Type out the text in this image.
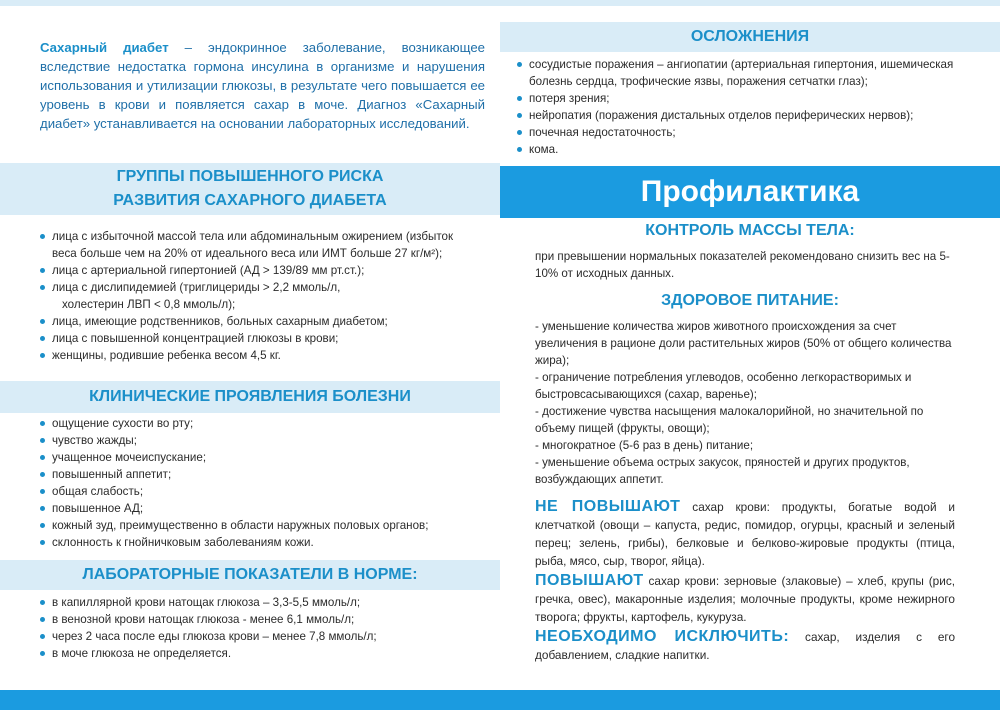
Сахарный диабет – эндокринное заболевание, возникающее вследствие недостатка гормона инсулина в организме и нарушения использования и утилизации глюкозы, в результате чего повышается ее уровень в крови и появляется сахар в моче. Диагноз «Сахарный диабет» устанавливается на основании лабораторных исследований.
ГРУППЫ ПОВЫШЕННОГО РИСКА РАЗВИТИЯ САХАРНОГО ДИАБЕТА
лица с избыточной массой тела или абдоминальным ожирением (избыток веса больше чем на 20% от идеального веса или ИМТ больше 27 кг/м²);
лица с артериальной гипертонией (АД > 139/89 мм рт.ст.);
лица с дислипидемией (триглицериды > 2,2 ммоль/л,
холестерин ЛВП < 0,8 ммоль/л);
лица, имеющие родственников, больных сахарным диабетом;
лица с повышенной концентрацией глюкозы в крови;
женщины, родившие ребенка весом 4,5 кг.
КЛИНИЧЕСКИЕ ПРОЯВЛЕНИЯ БОЛЕЗНИ
ощущение сухости во рту;
чувство жажды;
учащенное мочеиспускание;
повышенный аппетит;
общая слабость;
повышенное АД;
кожный зуд, преимущественно в области наружных половых органов;
склонность к гнойничковым заболеваниям кожи.
ЛАБОРАТОРНЫЕ ПОКАЗАТЕЛИ В НОРМЕ:
в капиллярной крови натощак глюкоза – 3,3-5,5 ммоль/л;
в венозной крови натощак глюкоза - менее 6,1 ммоль/л;
через 2 часа после еды глюкоза крови – менее 7,8 ммоль/л;
в моче глюкоза не определяется.
ОСЛОЖНЕНИЯ
сосудистые поражения – ангиопатии (артериальная гипертония, ишемическая болезнь сердца, трофические язвы, поражения сетчатки глаз);
потеря зрения;
нейропатия (поражения дистальных отделов периферических нервов);
почечная недостаточность;
кома.
Профилактика
КОНТРОЛЬ МАССЫ ТЕЛА:
при превышении нормальных показателей рекомендовано снизить вес на 5-10% от исходных данных.
ЗДОРОВОЕ ПИТАНИЕ:
- уменьшение количества жиров животного происхождения за счет увеличения в рационе доли растительных жиров (50% от общего количества жира);
- ограничение потребления углеводов, особенно легкорастворимых и быстровсасывающихся (сахар, варенье);
- достижение чувства насыщения малокалорийной, но значительной по объему пищей (фрукты, овощи);
- многократное (5-6 раз в день) питание;
- уменьшение объема острых закусок, пряностей и других продуктов, возбуждающих аппетит.
НЕ ПОВЫШАЮТ сахар крови: продукты, богатые водой и клетчаткой (овощи – капуста, редис, помидор, огурцы, красный и зеленый перец; зелень, грибы), белковые и белково-жировые продукты (птица, рыба, мясо, сыр, творог, яйца).
ПОВЫШАЮТ сахар крови: зерновые (злаковые) – хлеб, крупы (рис, гречка, овес), макаронные изделия; молочные продукты, кроме нежирного творога; фрукты, картофель, кукуруза.
НЕОБХОДИМО ИСКЛЮЧИТЬ: сахар, изделия с его добавлением, сладкие напитки.
